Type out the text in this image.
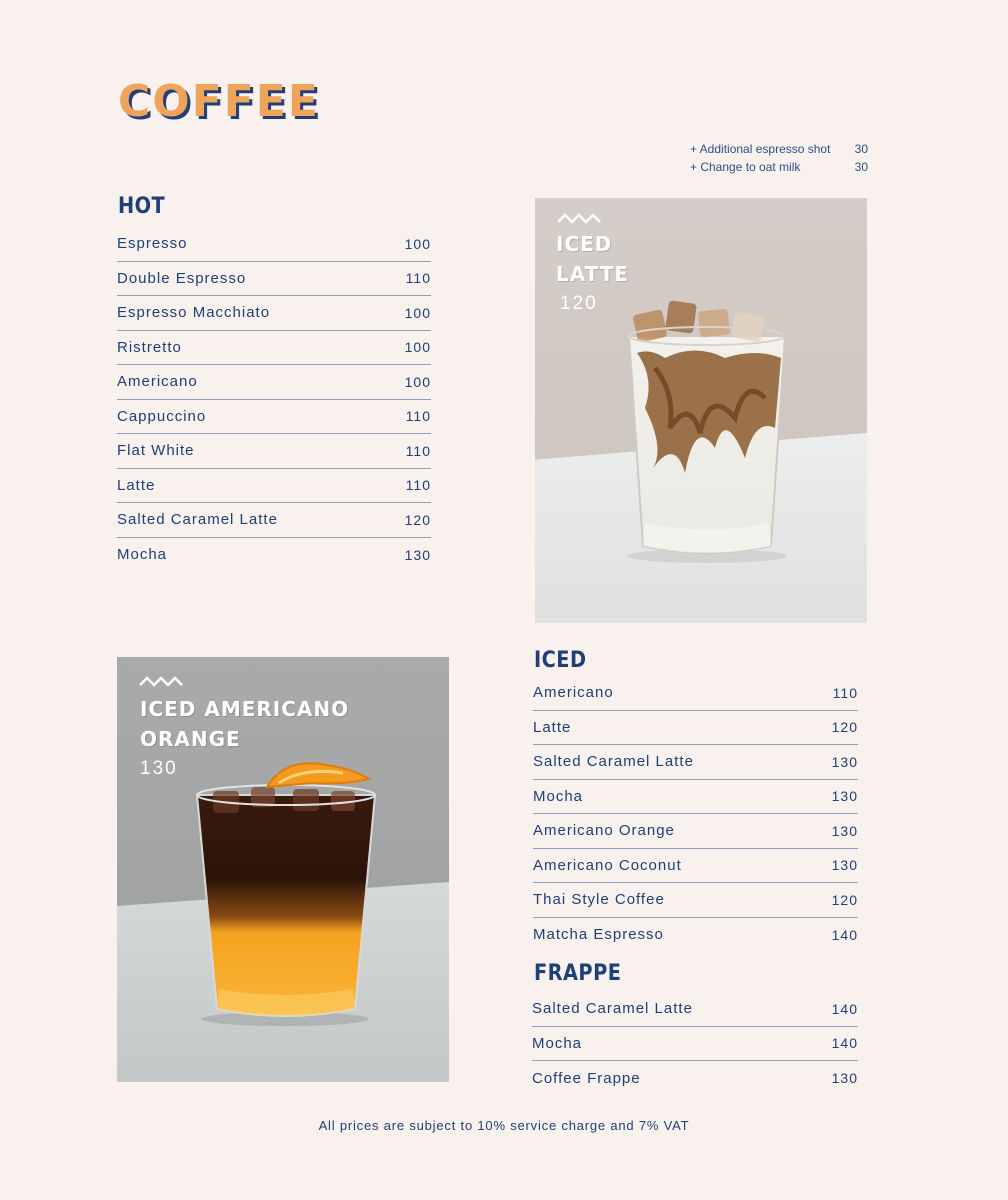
COFFEE
+ Additional espresso shot 30
+ Change to oat milk	30
HOT
Espresso	100
Double Espresso	110
Espresso Macchiato	100
Ristretto	100
Americano	100
Cappuccino	110
Flat White	110
Latte	110
Salted Caramel Latte	120
Mocha	130
ICED
LATTE
120
ICED AMERICANO
ORANGE
130
ICED
Americano	110
Latte	120
Salted Caramel Latte	130
Mocha	130
Americano Orange	130
Americano Coconut	130
Thai Style Coffee	120
Matcha Espresso	140
FRAPPE
Salted Caramel Latte	140
Mocha	140
Coffee Frappe	130

All prices are subject to 10% service charge and 7% VAT
